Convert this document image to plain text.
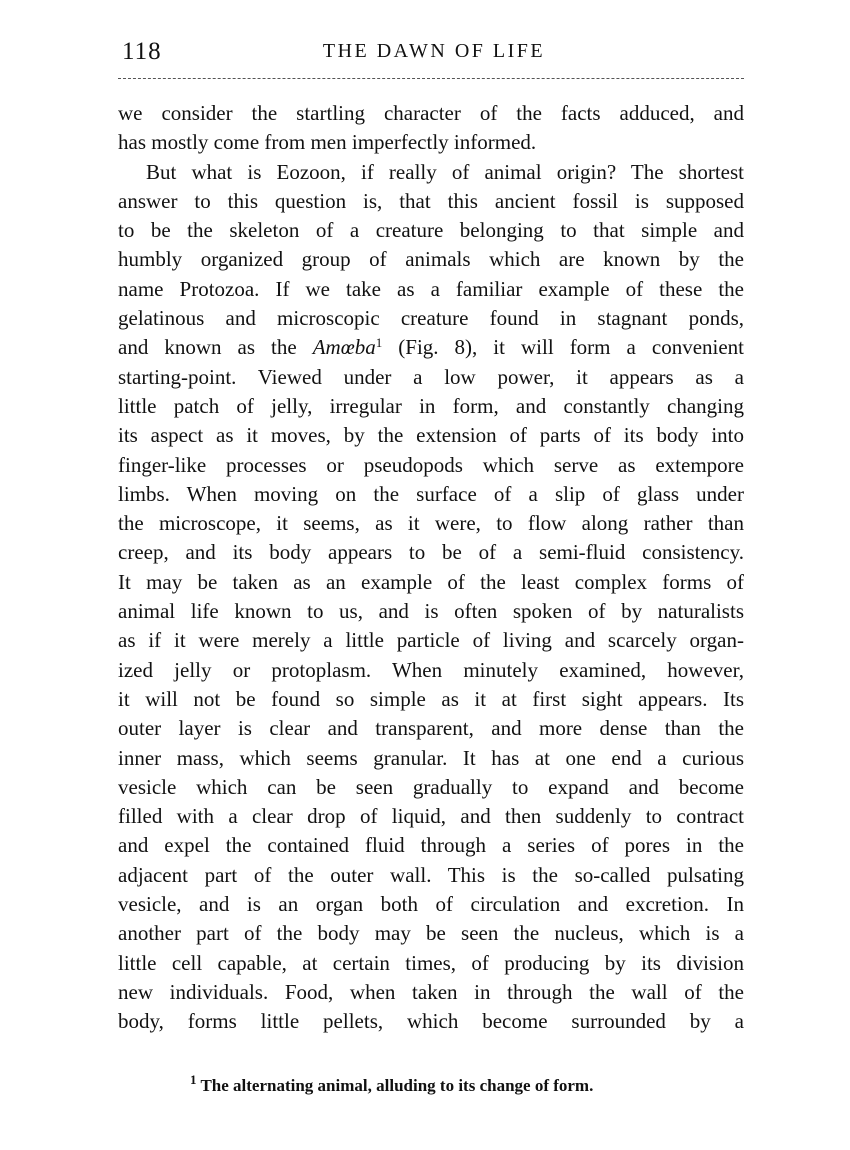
118	THE DAWN OF LIFE
we consider the startling character of the facts adduced, and
has mostly come from men imperfectly informed.
But what is Eozoon, if really of animal origin? The shortest
answer to this question is, that this ancient fossil is supposed
to be the skeleton of a creature belonging to that simple and
humbly organized group of animals which are known by the
name Protozoa. If we take as a familiar example of these the
gelatinous and microscopic creature found in stagnant ponds,
and known as the Amœba$^1$ (Fig. 8), it will form a convenient
starting-point. Viewed under a low power, it appears as a
little patch of jelly, irregular in form, and constantly changing
its aspect as it moves, by the extension of parts of its body into
finger-like processes or pseudopods which serve as extempore
limbs. When moving on the surface of a slip of glass under
the microscope, it seems, as it were, to flow along rather than
creep, and its body appears to be of a semi-fluid consistency.
It may be taken as an example of the least complex forms of
animal life known to us, and is often spoken of by naturalists
as if it were merely a little particle of living and scarcely organ-
ized jelly or protoplasm. When minutely examined, however,
it will not be found so simple as it at first sight appears. Its
outer layer is clear and transparent, and more dense than the
inner mass, which seems granular. It has at one end a curious
vesicle which can be seen gradually to expand and become
filled with a clear drop of liquid, and then suddenly to contract
and expel the contained fluid through a series of pores in the
adjacent part of the outer wall. This is the so-called pulsating
vesicle, and is an organ both of circulation and excretion. In
another part of the body may be seen the nucleus, which is a
little cell capable, at certain times, of producing by its division
new individuals. Food, when taken in through the wall of the
body, forms little pellets, which become surrounded by a
$^1$ The alternating animal, alluding to its change of form.
